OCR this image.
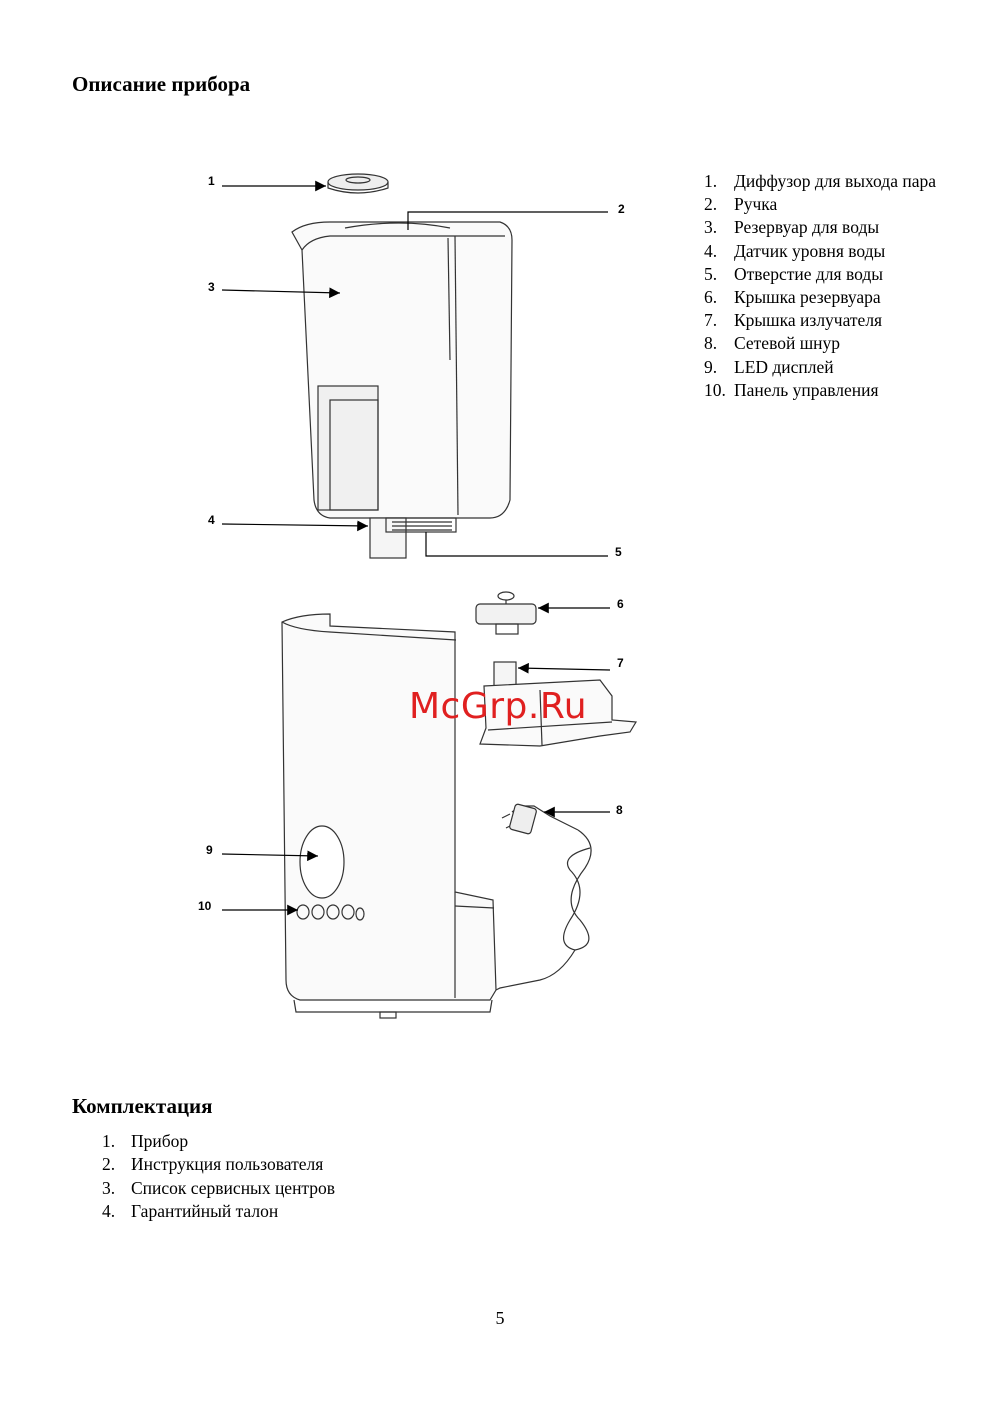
Описание прибора
1
2
3
4
5
6
7
8
9
10
McGrp.Ru
1. Диффузор для выхода пара
2. Ручка
3. Резервуар для воды
4. Датчик уровня воды
5. Отверстие для воды
6. Крышка резервуара
7. Крышка излучателя
8. Сетевой шнур
9. LED дисплей
10. Панель управления
Комплектация
1. Прибор
2. Инструкция пользователя
3. Список сервисных центров
4. Гарантийный талон
5
